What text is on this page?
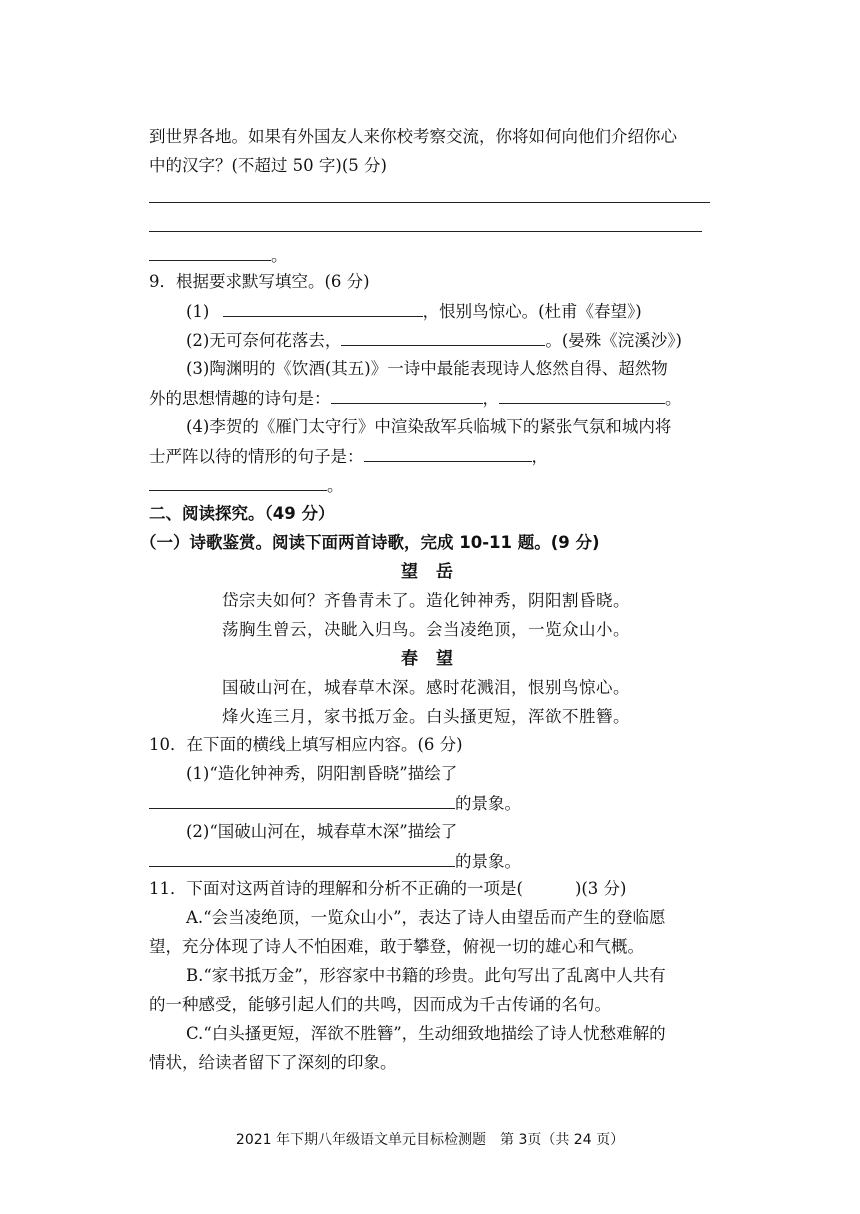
到世界各地。如果有外国友人来你校考察交流，你将如何向他们介绍你心
中的汉字？(不超过 50 字)(5 分)
。
9．根据要求默写填空。(6 分)
(1)	，恨别鸟惊心。(杜甫《春望》)
(2)无可奈何花落去，	。(晏殊《浣溪沙》)
(3)陶渊明的《饮酒(其五)》一诗中最能表现诗人悠然自得、超然物
外的思想情趣的诗句是：	，	。
(4)李贺的《雁门太守行》中渲染敌军兵临城下的紧张气氛和城内将
士严阵以待的情形的句子是：	，
。
二、阅读探究。（49 分）
（一）诗歌鉴赏。阅读下面两首诗歌，完成 10-11 题。(9 分)
望 岳
岱宗夫如何？齐鲁青未了。造化钟神秀，阴阳割昏晓。
荡胸生曾云，决眦入归鸟。会当凌绝顶，一览众山小。
春 望
国破山河在，城春草木深。感时花溅泪，恨别鸟惊心。
烽火连三月，家书抵万金。白头搔更短，浑欲不胜簪。
10．在下面的横线上填写相应内容。(6 分)
(1)“造化钟神秀，阴阳割昏晓”描绘了
的景象。
(2)“国破山河在，城春草木深”描绘了
的景象。
11．下面对这两首诗的理解和分析不正确的一项是(	)(3 分)
A.“会当凌绝顶，一览众山小”，表达了诗人由望岳而产生的登临愿
望，充分体现了诗人不怕困难，敢于攀登，俯视一切的雄心和气概。
B.“家书抵万金”，形容家中书籍的珍贵。此句写出了乱离中人共有
的一种感受，能够引起人们的共鸣，因而成为千古传诵的名句。
C.“白头搔更短，浑欲不胜簪”，生动细致地描绘了诗人忧愁难解的
情状，给读者留下了深刻的印象。
2021 年下期八年级语文单元目标检测题　第 3页（共 24 页）
